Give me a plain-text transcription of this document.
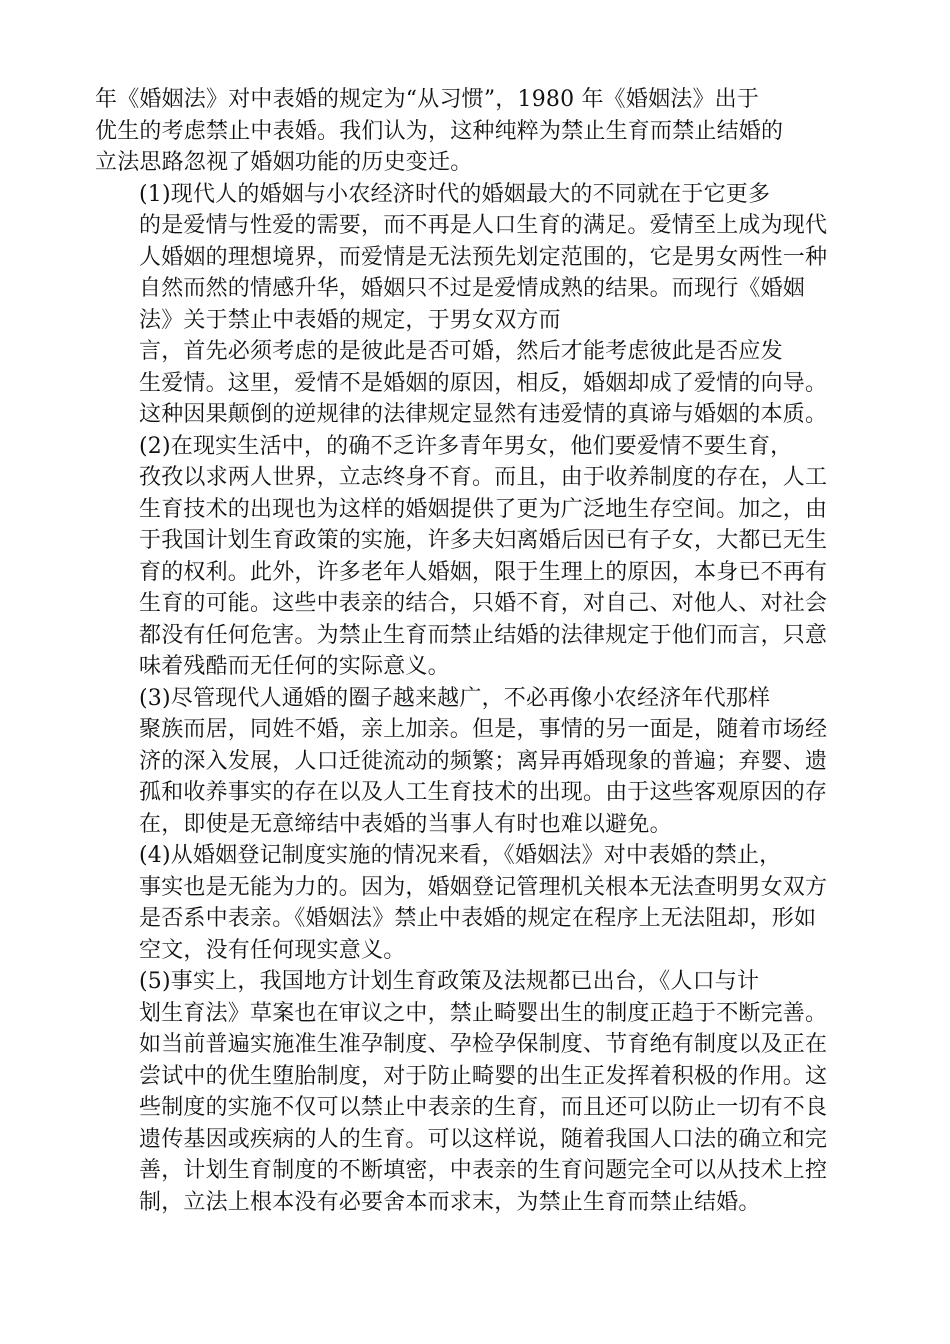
年《婚姻法》对中表婚的规定为“从习惯”，1980 年《婚姻法》出于
优生的考虑禁止中表婚。我们认为，这种纯粹为禁止生育而禁止结婚的
立法思路忽视了婚姻功能的历史变迁。

(1)现代人的婚姻与小农经济时代的婚姻最大的不同就在于它更多
的是爱情与性爱的需要，而不再是人口生育的满足。爱情至上成为现代
人婚姻的理想境界，而爱情是无法预先划定范围的，它是男女两性一种
自然而然的情感升华，婚姻只不过是爱情成熟的结果。而现行《婚姻
法》关于禁止中表婚的规定，于男女双方而

言，首先必须考虑的是彼此是否可婚，然后才能考虑彼此是否应发
生爱情。这里，爱情不是婚姻的原因，相反，婚姻却成了爱情的向导。
这种因果颠倒的逆规律的法律规定显然有违爱情的真谛与婚姻的本质。

(2)在现实生活中，的确不乏许多青年男女，他们要爱情不要生育，
孜孜以求两人世界，立志终身不育。而且，由于收养制度的存在，人工
生育技术的出现也为这样的婚姻提供了更为广泛地生存空间。加之，由
于我国计划生育政策的实施，许多夫妇离婚后因已有子女，大都已无生
育的权利。此外，许多老年人婚姻，限于生理上的原因，本身已不再有
生育的可能。这些中表亲的结合，只婚不育，对自己、对他人、对社会
都没有任何危害。为禁止生育而禁止结婚的法律规定于他们而言，只意
味着残酷而无任何的实际意义。

(3)尽管现代人通婚的圈子越来越广，不必再像小农经济年代那样
聚族而居，同姓不婚，亲上加亲。但是，事情的另一面是，随着市场经
济的深入发展，人口迁徙流动的频繁；离异再婚现象的普遍；弃婴、遗
孤和收养事实的存在以及人工生育技术的出现。由于这些客观原因的存
在，即使是无意缔结中表婚的当事人有时也难以避免。

(4)从婚姻登记制度实施的情况来看，《婚姻法》对中表婚的禁止，
事实也是无能为力的。因为，婚姻登记管理机关根本无法查明男女双方
是否系中表亲。《婚姻法》禁止中表婚的规定在程序上无法阻却，形如
空文，没有任何现实意义。

(5)事实上，我国地方计划生育政策及法规都已出台，《人口与计
划生育法》草案也在审议之中，禁止畸婴出生的制度正趋于不断完善。
如当前普遍实施准生准孕制度、孕检孕保制度、节育绝有制度以及正在
尝试中的优生堕胎制度，对于防止畸婴的出生正发挥着积极的作用。这
些制度的实施不仅可以禁止中表亲的生育，而且还可以防止一切有不良
遗传基因或疾病的人的生育。可以这样说，随着我国人口法的确立和完
善，计划生育制度的不断填密，中表亲的生育问题完全可以从技术上控
制，立法上根本没有必要舍本而求末，为禁止生育而禁止结婚。
